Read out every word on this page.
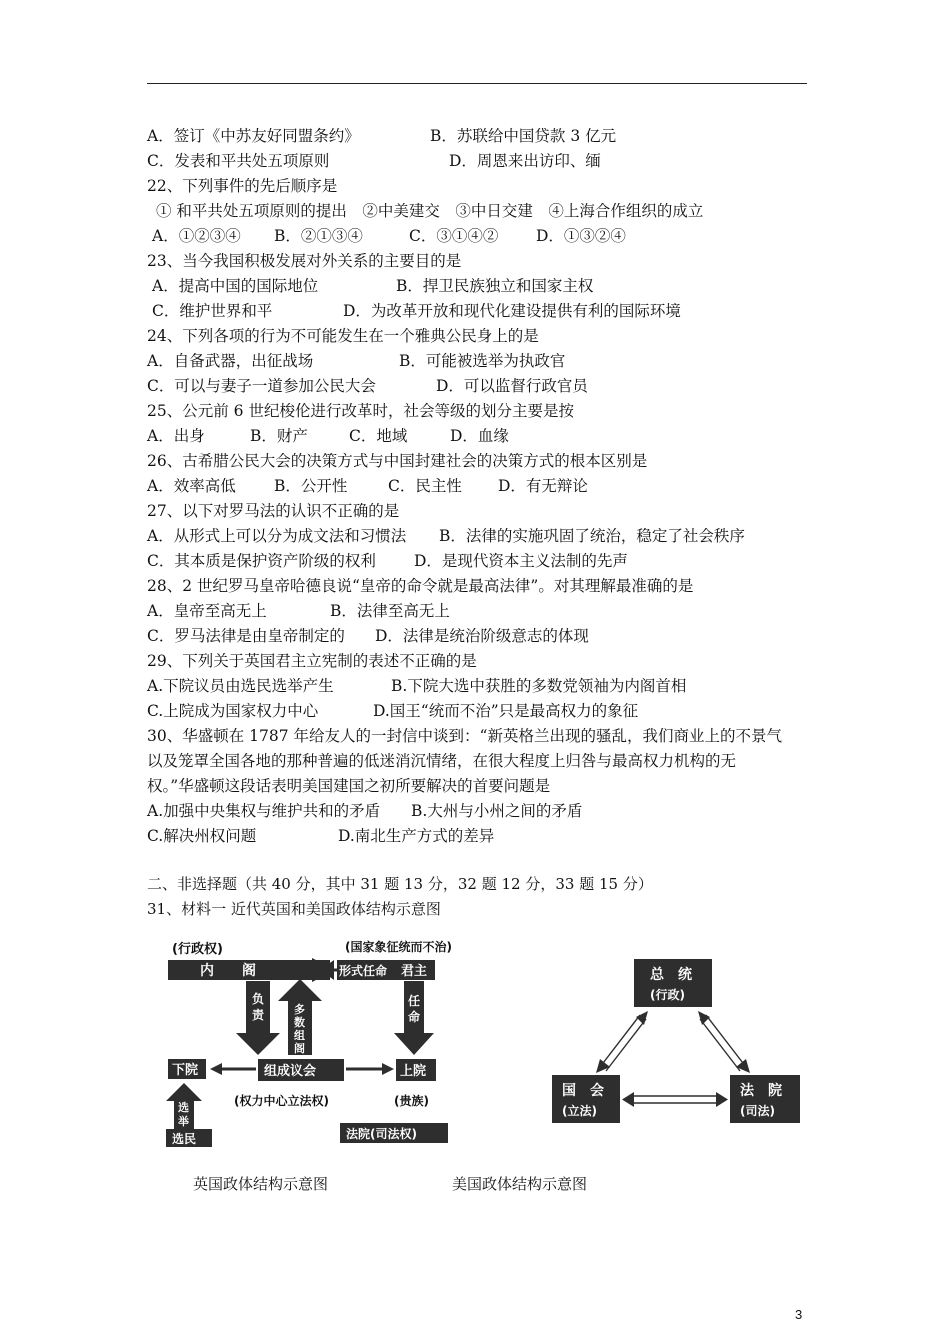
A．签订《中苏友好同盟条约》	B．苏联给中国贷款 3 亿元
C．发表和平共处五项原则	D．周恩来出访印、缅
22、下列事件的先后顺序是
① 和平共处五项原则的提出　②中美建交　③中日交建　④上海合作组织的成立
A．①②③④ B．②①③④	C．③①④② D．①③②④
23、当今我国积极发展对外关系的主要目的是
A．提高中国的国际地位	B．捍卫民族独立和国家主权
C．维护世界和平	D．为改革开放和现代化建设提供有利的国际环境
24、下列各项的行为不可能发生在一个雅典公民身上的是
A．自备武器，出征战场	B．可能被选举为执政官
C．可以与妻子一道参加公民大会	D．可以监督行政官员
25、公元前 6 世纪梭伦进行改革时，社会等级的划分主要是按
A．出身	B．财产	C．地域	D．血缘
26、古希腊公民大会的决策方式与中国封建社会的决策方式的根本区别是
A．效率高低 B．公开性	C．民主性 D．有无辩论
27、以下对罗马法的认识不正确的是
A．从形式上可以分为成文法和习惯法 B．法律的实施巩固了统治，稳定了社会秩序
C．其本质是保护资产阶级的权利 D．是现代资本主义法制的先声
28、2 世纪罗马皇帝哈德良说“皇帝的命令就是最高法律”。对其理解最准确的是
A．皇帝至高无上	B．法律至高无上
C．罗马法律是由皇帝制定的 D．法律是统治阶级意志的体现
29、下列关于英国君主立宪制的表述不正确的是
A.下院议员由选民选举产生	B.下院大选中获胜的多数党领袖为内阁首相
C.上院成为国家权力中心	D.国王“统而不治”只是最高权力的象征
30、华盛顿在 1787 年给友人的一封信中谈到：“新英格兰出现的骚乱，我们商业上的不景气
以及笼罩全国各地的那种普遍的低迷消沉情绪，在很大程度上归咎与最高权力机构的无
权。”华盛顿这段话表明美国建国之初所要解决的首要问题是
A.加强中央集权与维护共和的矛盾 B.大州与小州之间的矛盾
C.解决州权问题	D.南北生产方式的差异
二、非选择题（共 40 分，其中 31 题 13 分，32 题 12 分，33 题 15 分）
31、材料一 近代英国和美国政体结构示意图
(行政权)	(国家象征统而不治)
内　　阁	形式任命 君主
负
责	多
数
组
阁
任
命
下院	组成议会	上院
选
举
选民
(权力中心立法权)	(贵族)
法院(司法权)
总　统
(行政)
国　会
(立法)
法　院
(司法)
英国政体结构示意图	美国政体结构示意图
3
